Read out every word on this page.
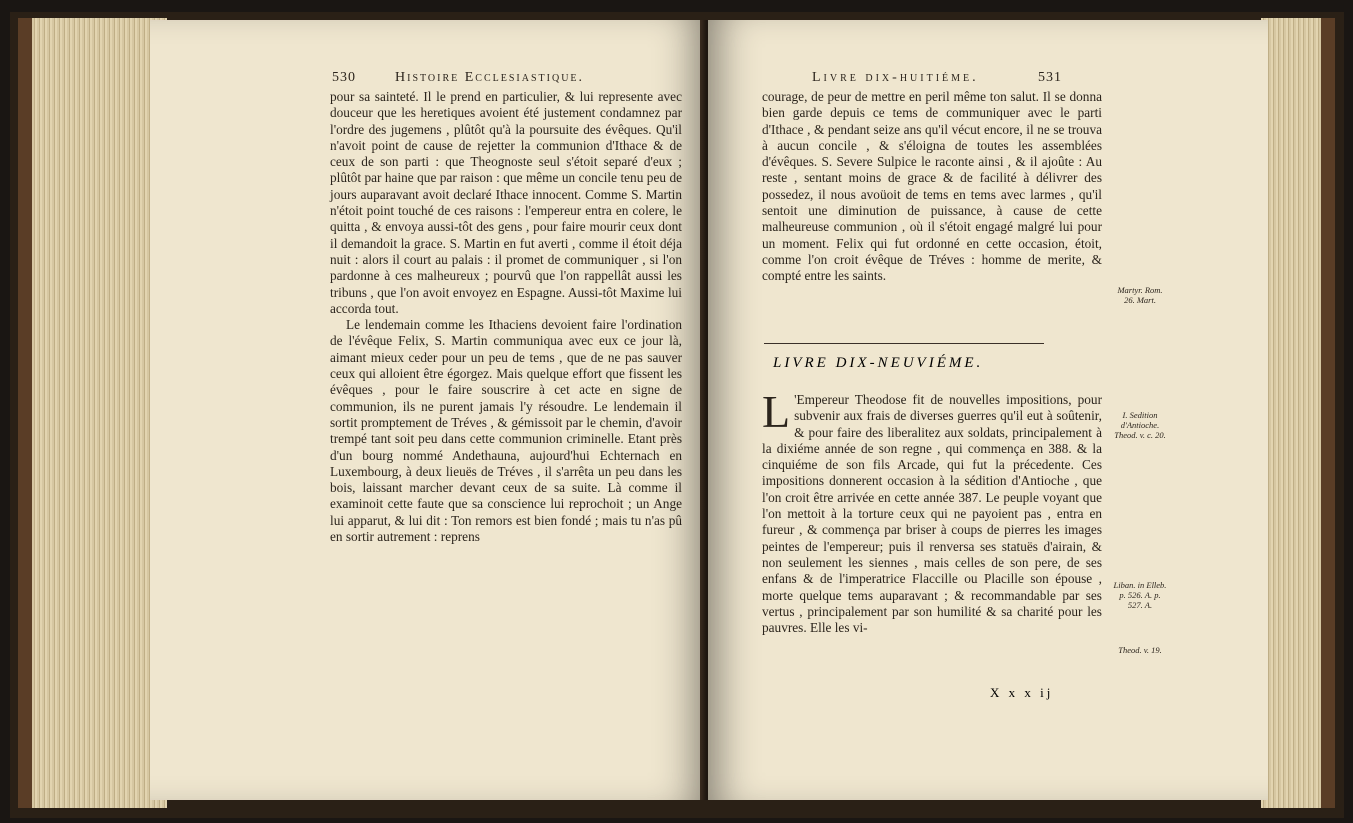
530	Histoire Ecclesiastique.

pour sa sainteté. Il le prend en particulier, & lui represente avec douceur que les heretiques avoient été justement condamnez par l'ordre des jugemens , plûtôt qu'à la poursuite des évêques. Qu'il n'avoit point de cause de rejetter la communion d'Ithace & de ceux de son parti : que Theognoste seul s'étoit separé d'eux ; plûtôt par haine que par raison : que même un concile tenu peu de jours auparavant avoit declaré Ithace innocent. Comme S. Martin n'étoit point touché de ces raisons : l'empereur entra en colere, le quitta , & envoya aussi-tôt des gens , pour faire mourir ceux dont il demandoit la grace. S. Martin en fut averti , comme il étoit déja nuit : alors il court au palais : il promet de communiquer , si l'on pardonne à ces malheureux ; pourvû que l'on rappellât aussi les tribuns , que l'on avoit envoyez en Espagne. Aussi-tôt Maxime lui accorda tout.

Le lendemain comme les Ithaciens devoient faire l'ordination de l'évêque Felix, S. Martin communiqua avec eux ce jour là, aimant mieux ceder pour un peu de tems , que de ne pas sauver ceux qui alloient être égorgez. Mais quelque effort que fissent les évêques , pour le faire souscrire à cet acte en signe de communion, ils ne purent jamais l'y résoudre. Le lendemain il sortit promptement de Tréves , & gémissoit par le chemin, d'avoir trempé tant soit peu dans cette communion criminelle. Etant près d'un bourg nommé Andethauna, aujourd'hui Echternach en Luxembourg, à deux lieuës de Tréves , il s'arrêta un peu dans les bois, laissant marcher devant ceux de sa suite. Là comme il examinoit cette faute que sa conscience lui reprochoit ; un Ange lui apparut, & lui dit : Ton remors est bien fondé ; mais tu n'as pû en sortir autrement : reprens

Livre dix-huitiéme.	531

courage, de peur de mettre en peril même ton salut. Il se donna bien garde depuis ce tems de communiquer avec le parti d'Ithace , & pendant seize ans qu'il vécut encore, il ne se trouva à aucun concile , & s'éloigna de toutes les assemblées d'évêques. S. Severe Sulpice le raconte ainsi , & il ajoûte : Au reste , sentant moins de grace & de facilité à délivrer des possedez, il nous avoüoit de tems en tems avec larmes , qu'il sentoit une diminution de puissance, à cause de cette malheureuse communion , où il s'étoit engagé malgré lui pour un moment. Felix qui fut ordonné en cette occasion, étoit, comme l'on croit évêque de Tréves : homme de merite, & compté entre les saints.

L 'Empereur Theodose fit de nouvelles impositions, pour subvenir aux frais de diverses guerres qu'il eut à soûtenir, & pour faire des liberalitez aux soldats, principalement à la dixiéme année de son regne , qui commença en 388. & la cinquiéme de son fils Arcade, qui fut la précedente. Ces impositions donnerent occasion à la sédition d'Antioche , que l'on croit être arrivée en cette année 387. Le peuple voyant que l'on mettoit à la torture ceux qui ne payoient pas , entra en fureur , & commença par briser à coups de pierres les images peintes de l'empereur; puis il renversa ses statuës d'airain, & non seulement les siennes , mais celles de son pere, de ses enfans & de l'imperatrice Flaccille ou Placille son épouse , morte quelque tems auparavant ; & recommandable par ses vertus , principalement par son humilité & sa charité pour les pauvres. Elle les vi-

Martyr. Rom. 26. Mart.
I. Sedition d'Antioche. Theod. v. c. 20.
Liban. in Elleb. p. 526. A. p. 527. A.
Theod. v. 19.
LIVRE DIX-NEUVIÉME.
X x x ij
